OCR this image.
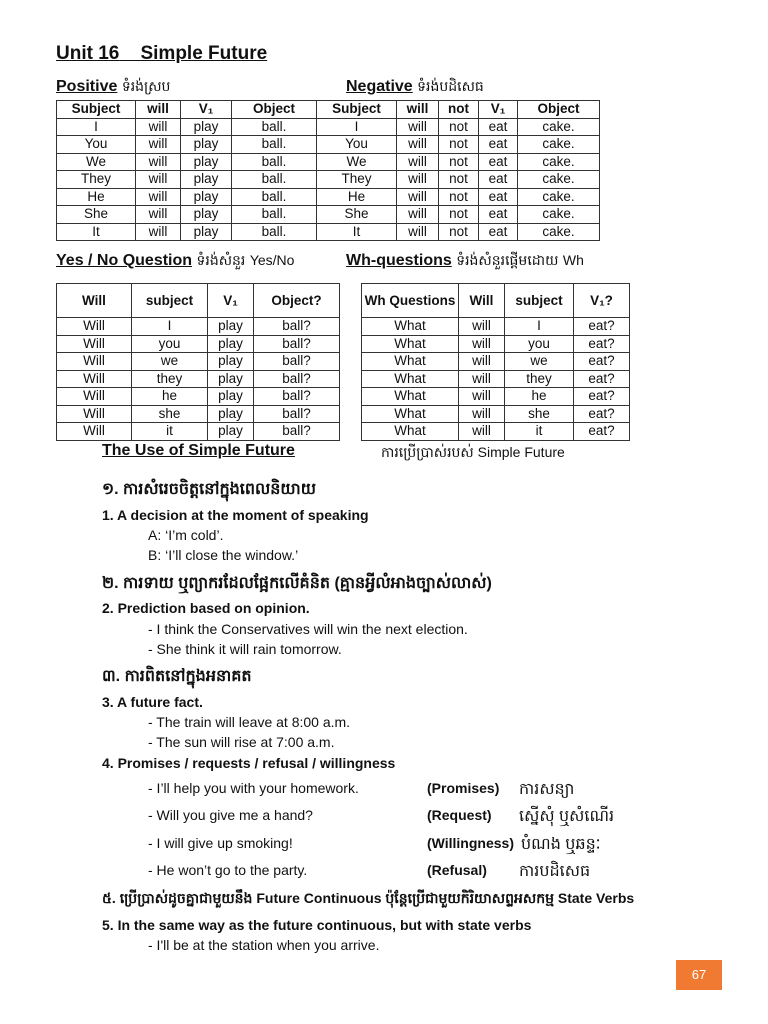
Unit 16 Simple Future
Positive ទំរង់ស្រប
Subject	will	V₁	Object
I	will	play	ball.
You	will	play	ball.
We	will	play	ball.
They	will	play	ball.
He	will	play	ball.
She	will	play	ball.
It	will	play	ball.
Negative ទំរង់បដិសេធ
Subject	will	not	V₁	Object
I	will	not	eat	cake.
You	will	not	eat	cake.
We	will	not	eat	cake.
They	will	not	eat	cake.
He	will	not	eat	cake.
She	will	not	eat	cake.
It	will	not	eat	cake.
Yes / No Question ទំរង់សំនួរ Yes/No
Will	subject	V₁	Object?
Will	I	play	ball?
Will	you	play	ball?
Will	we	play	ball?
Will	they	play	ball?
Will	he	play	ball?
Will	she	play	ball?
Will	it	play	ball?
Wh-questions ទំរង់សំនួរផ្តើមដោយ Wh
Wh Questions	Will	subject	V₁?
What	will	I	eat?
What	will	you	eat?
What	will	we	eat?
What	will	they	eat?
What	will	he	eat?
What	will	she	eat?
What	will	it	eat?
The Use of Simple Future	ការប្រើប្រាស់របស់ Simple Future
១. ការសំរេចចិត្តនៅក្នុងពេលនិយាយ
1. A decision at the moment of speaking
A: ‘I’m cold’.
B: ‘I’ll close the window.’
២. ការទាយ ឬព្យាករដែលផ្អែកលើគំនិត (គ្មានអ្វីលំអាងច្បាស់លាស់)
2. Prediction based on opinion.
- I think the Conservatives will win the next election.
- She think it will rain tomorrow.
៣. ការពិតនៅក្នុងអនាគត
3. A future fact.
- The train will leave at 8:00 a.m.
- The sun will rise at 7:00 a.m.
4. Promises / requests / refusal / willingness
- I’ll help you with your homework.	(Promises) ការសន្យា
- Will you give me a hand?	(Request) ស្នើសុំ ឬសំណើរ
- I will give up smoking!	(Willingness) បំណង ឬឆន្ទៈ
- He won’t go to the party.	(Refusal) ការបដិសេធ
៥. ប្រើប្រាស់ដូចគ្នាជាមួយនឹង Future Continuous ប៉ុន្តែប្រើជាមួយកិរិយាសព្ទអសកម្ម State Verbs
5. In the same way as the future continuous, but with state verbs
- I'll be at the station when you arrive.
67
